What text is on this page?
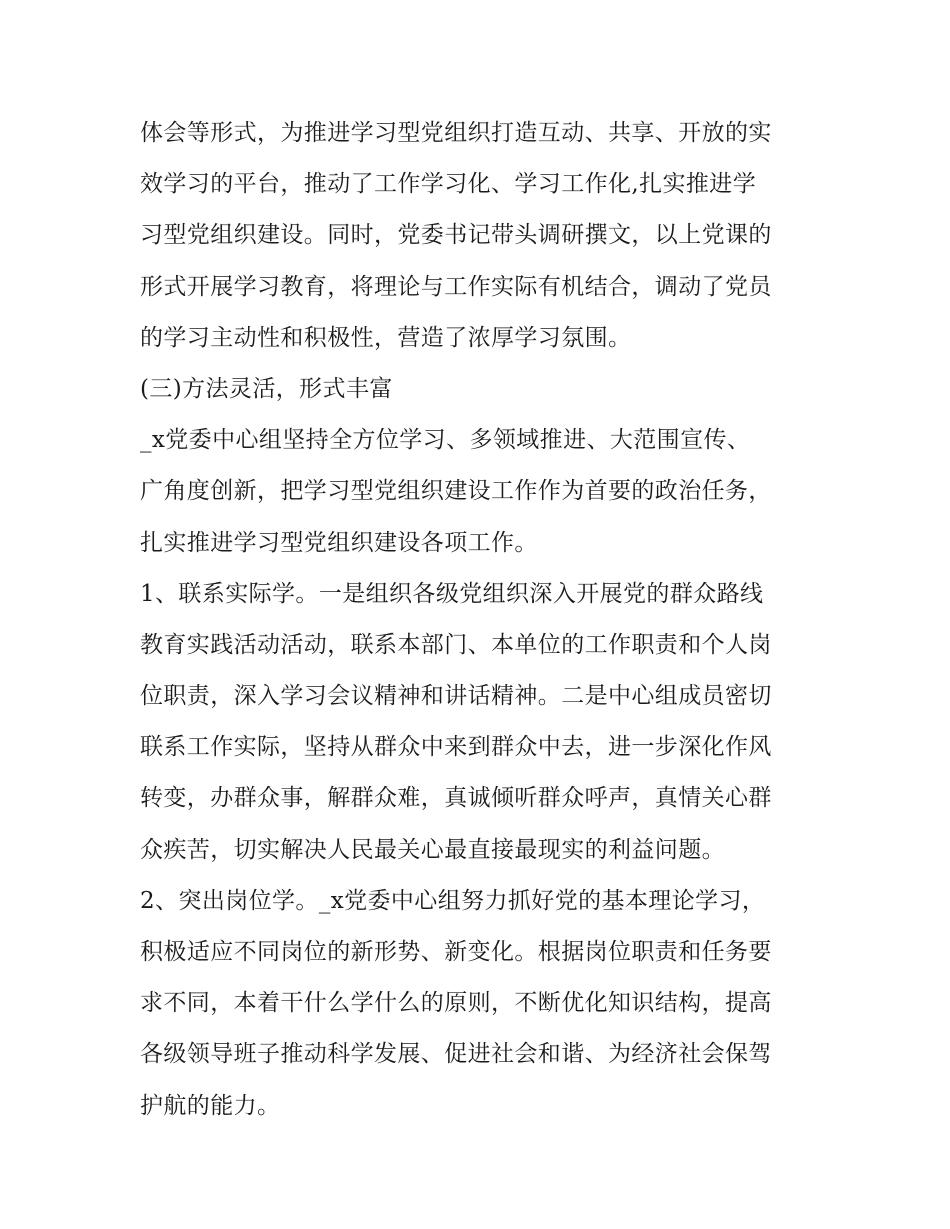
体会等形式，为推进学习型党组织打造互动、共享、开放的实
效学习的平台，推动了工作学习化、学习工作化,扎实推进学
习型党组织建设。同时，党委书记带头调研撰文，以上党课的
形式开展学习教育，将理论与工作实际有机结合，调动了党员
的学习主动性和积极性，营造了浓厚学习氛围。
(三)方法灵活，形式丰富
_x党委中心组坚持全方位学习、多领域推进、大范围宣传、
广角度创新，把学习型党组织建设工作作为首要的政治任务，
扎实推进学习型党组织建设各项工作。
1、联系实际学。一是组织各级党组织深入开展党的群众路线
教育实践活动活动，联系本部门、本单位的工作职责和个人岗
位职责，深入学习会议精神和讲话精神。二是中心组成员密切
联系工作实际，坚持从群众中来到群众中去，进一步深化作风
转变，办群众事，解群众难，真诚倾听群众呼声，真情关心群
众疾苦，切实解决人民最关心最直接最现实的利益问题。
2、突出岗位学。_x党委中心组努力抓好党的基本理论学习，
积极适应不同岗位的新形势、新变化。根据岗位职责和任务要
求不同，本着干什么学什么的原则，不断优化知识结构，提高
各级领导班子推动科学发展、促进社会和谐、为经济社会保驾
护航的能力。
